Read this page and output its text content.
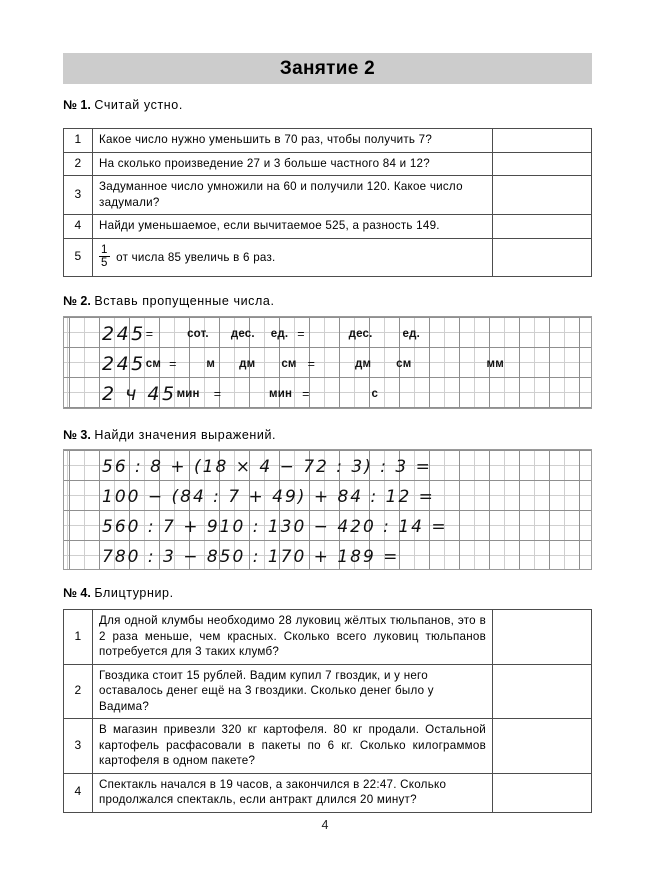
Занятие 2
№ 1. Считай устно.
1	Какое число нужно уменьшить в 70 раз, чтобы получить 7?	
2	На сколько произведение 27 и 3 больше частного 84 и 12?	
3	Задуманное число умножили на 60 и получили 120. Какое число задумали?	
4	Найди уменьшаемое, если вычитаемое 525, а разность 149.	
5	$\frac{1}{5}$ от числа 85 увеличь в 6 раз.	
№ 2. Вставь пропущенные числа.
245 =	сот. дес. ед. =	дес.	ед.
245 см =	м дм см =	дм см	мм
2 ч 45 мин =	мин =	с
№ 3. Найди значения выражений.
56 : 8 + (18 × 4 − 72 : 3) : 3 =
100 − (84 : 7 + 49) + 84 : 12 =
560 : 7 + 910 : 130 − 420 : 14 =
780 : 3 − 850 : 170 + 189 =
№ 4. Блицтурнир.
1	Для одной клумбы необходимо 28 луковиц жёлтых тюльпанов, это в 2 раза меньше, чем красных. Сколько всего луковиц тюльпанов потребуется для 3 таких клумб?	
2	Гвоздика стоит 15 рублей. Вадим купил 7 гвоздик, и у него оставалось денег ещё на 3 гвоздики. Сколько денег было у Вадима?	
3	В магазин привезли 320 кг картофеля. 80 кг продали. Остальной картофель расфасовали в пакеты по 6 кг. Сколько килограммов картофеля в одном пакете?	
4	Спектакль начался в 19 часов, а закончился в 22:47. Сколько продолжался спектакль, если антракт длился 20 минут?	
4
